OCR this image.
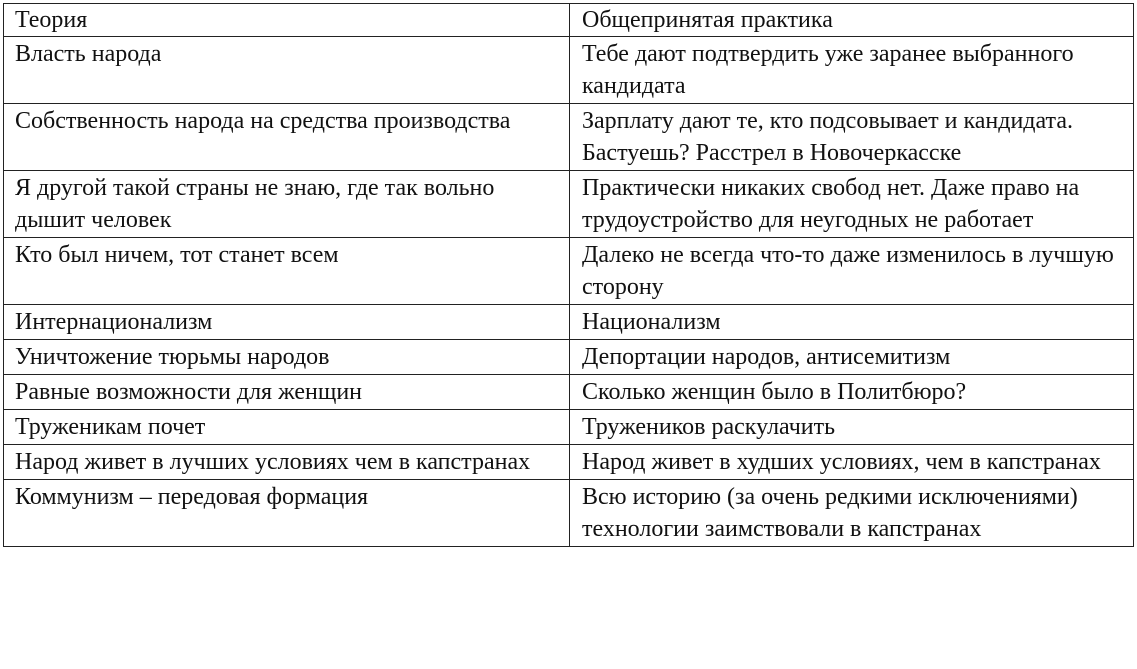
Теория	Общепринятая практика
Власть народа	Тебе дают подтвердить уже заранее выбранного кандидата
Собственность народа на средства производства	Зарплату дают те, кто подсовывает и кандидата. Бастуешь? Расстрел в Новочеркасске
Я другой такой страны не знаю, где так вольно дышит человек	Практически никаких свобод нет. Даже право на трудоустройство для неугодных не работает
Кто был ничем, тот станет всем	Далеко не всегда что-то даже изменилось в лучшую сторону
Интернационализм	Национализм
Уничтожение тюрьмы народов	Депортации народов, антисемитизм
Равные возможности для женщин	Сколько женщин было в Политбюро?
Труженикам почет	Тружеников раскулачить
Народ живет в лучших условиях чем в капстранах	Народ живет в худших условиях, чем в капстранах
Коммунизм – передовая формация	Всю историю (за очень редкими исключениями) технологии заимствовали в капстранах
